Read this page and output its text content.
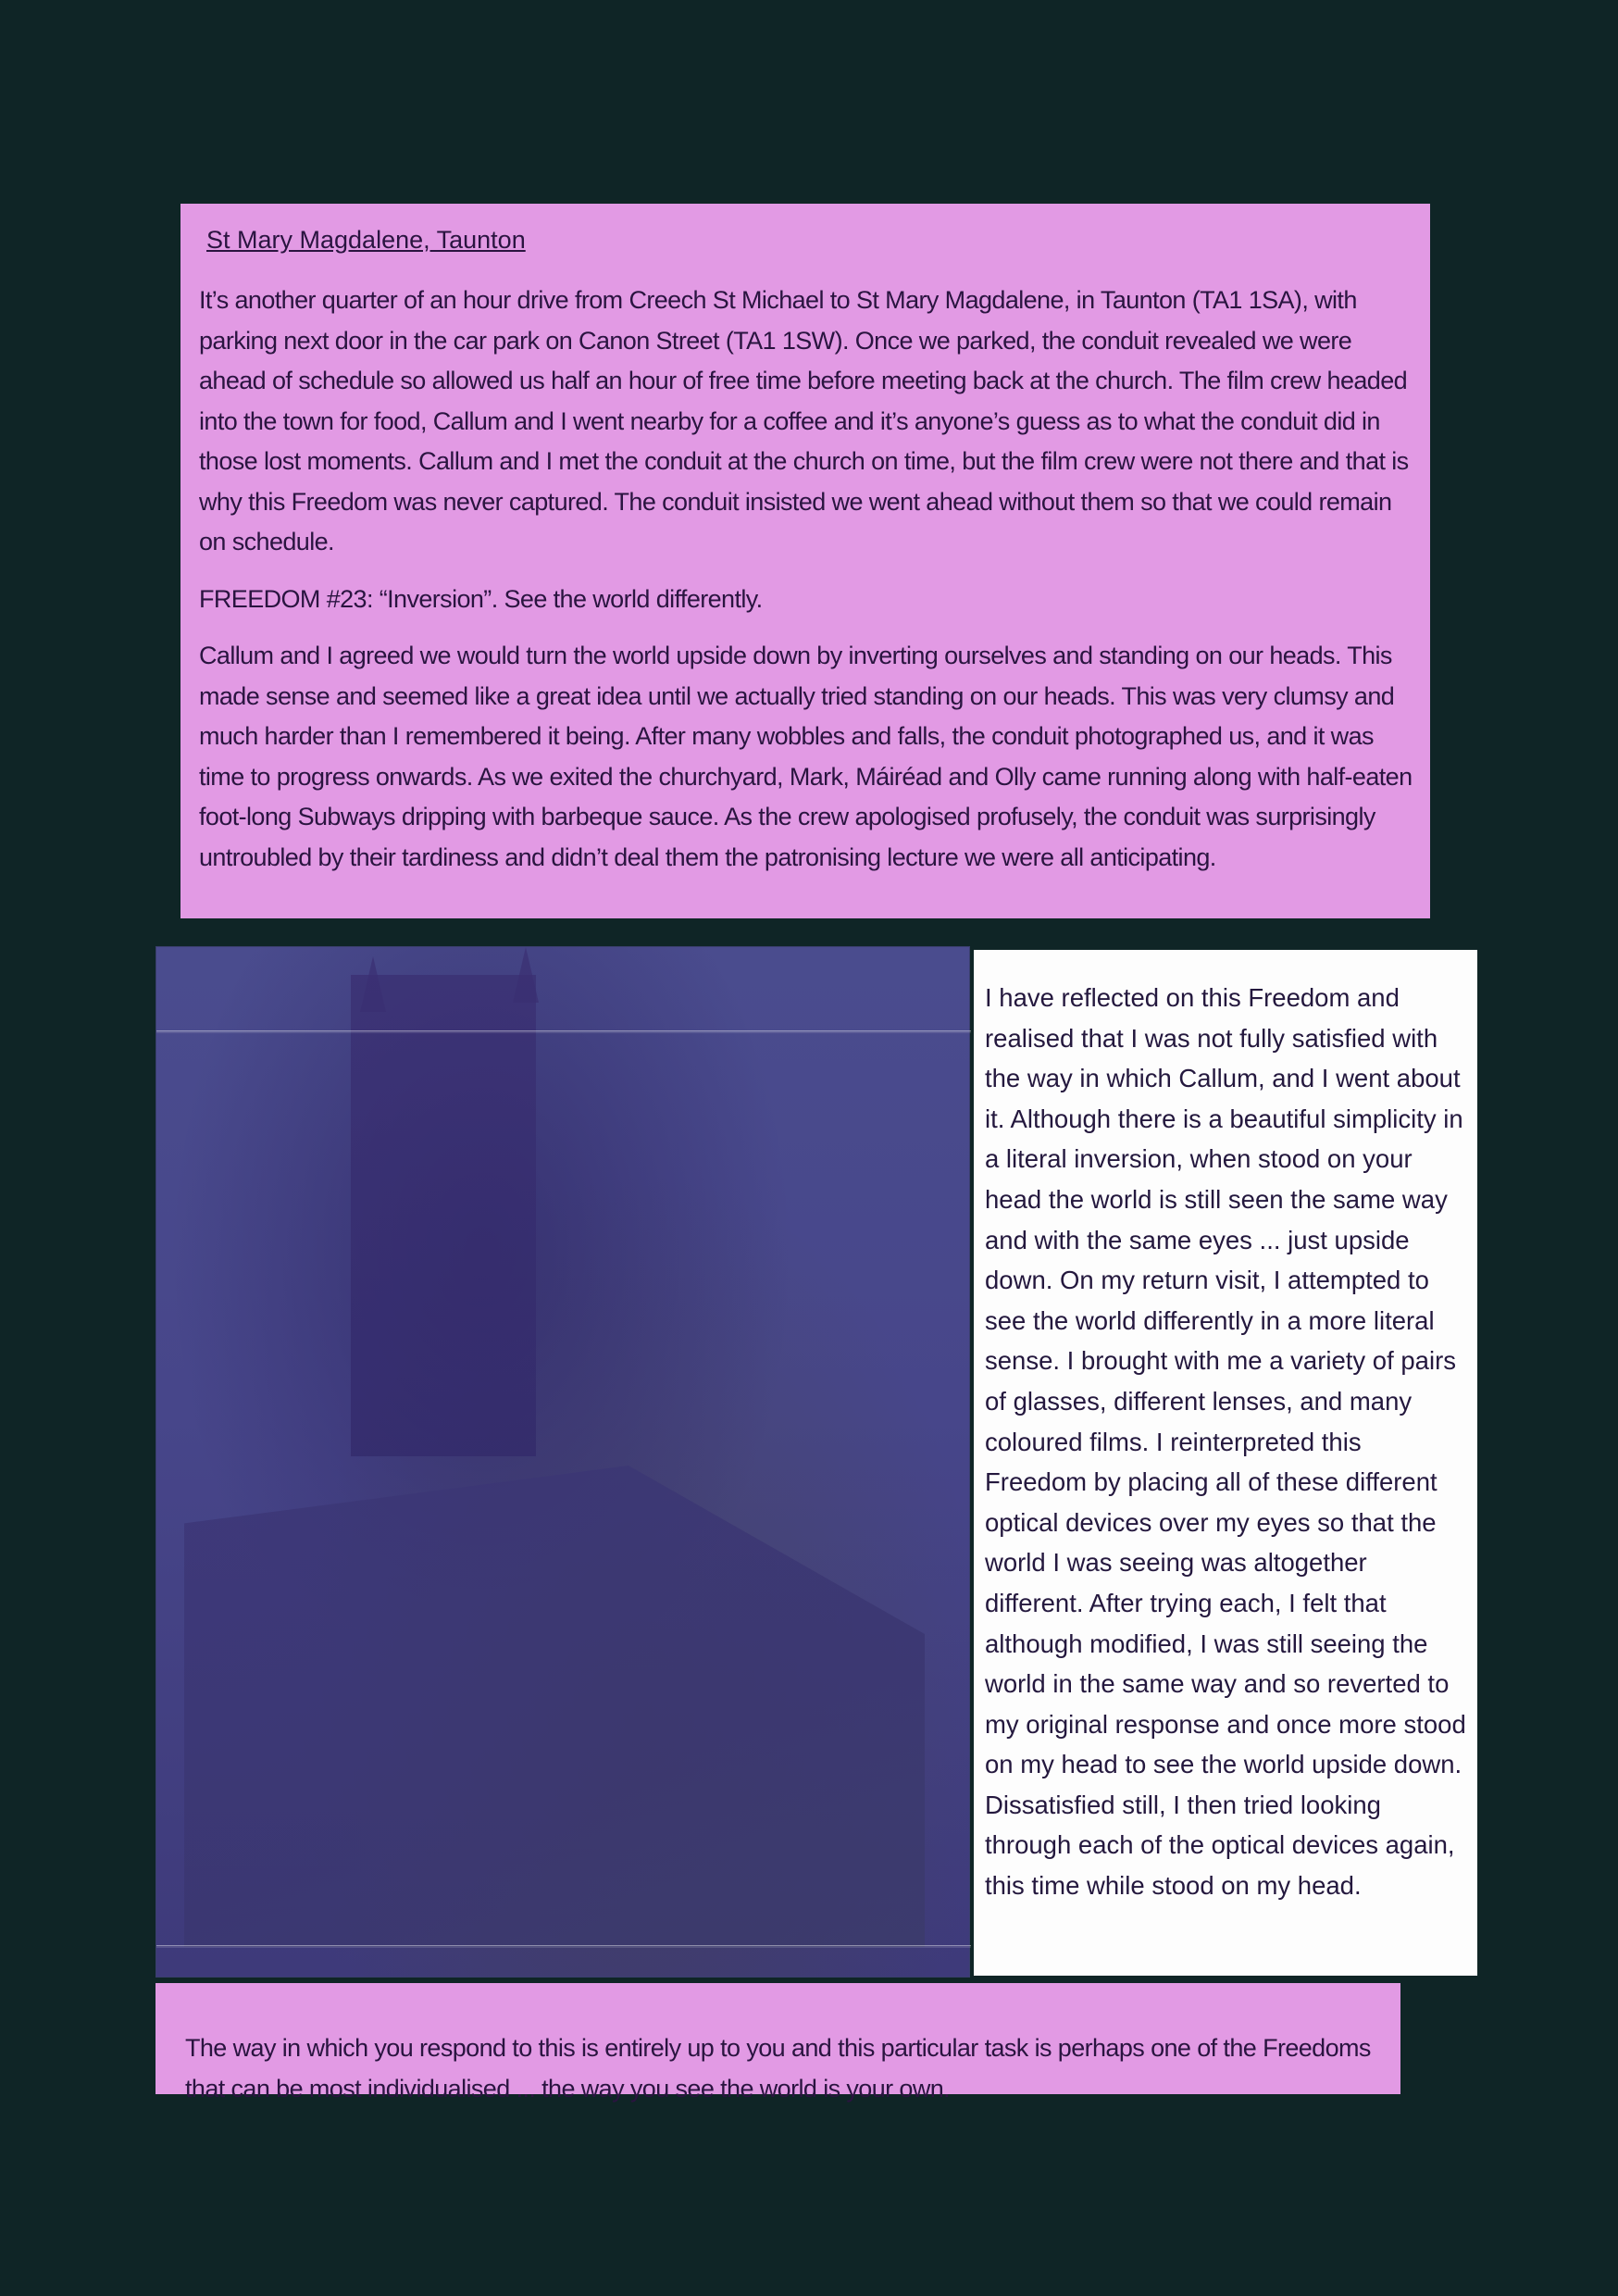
St Mary Magdalene, Taunton

It’s another quarter of an hour drive from Creech St Michael to St Mary Magdalene, in Taunton (TA1 1SA), with parking next door in the car park on Canon Street (TA1 1SW). Once we parked, the conduit revealed we were ahead of schedule so allowed us half an hour of free time before meeting back at the church. The film crew headed into the town for food, Callum and I went nearby for a coffee and it’s anyone’s guess as to what the conduit did in those lost moments. Callum and I met the conduit at the church on time, but the film crew were not there and that is why this Freedom was never captured. The conduit insisted we went ahead without them so that we could remain on schedule.

FREEDOM #23: “Inversion”. See the world differently.

Callum and I agreed we would turn the world upside down by inverting ourselves and standing on our heads. This made sense and seemed like a great idea until we actually tried standing on our heads. This was very clumsy and much harder than I remembered it being. After many wobbles and falls, the conduit photographed us, and it was time to progress onwards. As we exited the churchyard, Mark, Máiréad and Olly came running along with half-eaten foot-long Subways dripping with barbeque sauce. As the crew apologised profusely, the conduit was surprisingly untroubled by their tardiness and didn’t deal them the patronising lecture we were all anticipating.

I have reflected on this Freedom and realised that I was not fully satisfied with the way in which Callum, and I went about it. Although there is a beautiful simplicity in a literal inversion, when stood on your head the world is still seen the same way and with the same eyes ... just upside down. On my return visit, I attempted to see the world differently in a more literal sense. I brought with me a variety of pairs of glasses, different lenses, and many coloured films. I reinterpreted this Freedom by placing all of these different optical devices over my eyes so that the world I was seeing was altogether different. After trying each, I felt that although modified, I was still seeing the world in the same way and so reverted to my original response and once more stood on my head to see the world upside down. Dissatisfied still, I then tried looking through each of the optical devices again, this time while stood on my head.

The way in which you respond to this is entirely up to you and this particular task is perhaps one of the Freedoms that can be most individualised ... the way you see the world is your own.
